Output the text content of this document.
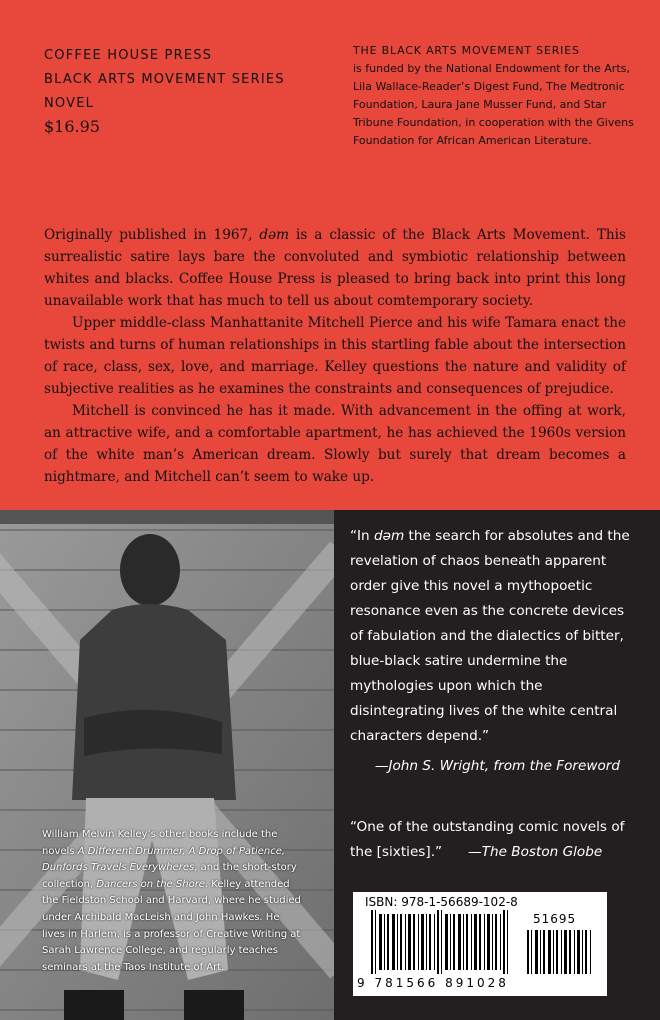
COFFEE HOUSE PRESS
BLACK ARTS MOVEMENT SERIES
NOVEL
$16.95
THE BLACK ARTS MOVEMENT SERIES
is funded by the National Endowment for the Arts, Lila Wallace-Reader’s Digest Fund, The Medtronic Foundation, Laura Jane Musser Fund, and Star Tribune Foundation, in cooperation with the Givens Foundation for African American Literature.

Originally published in 1967, dəm is a classic of the Black Arts Movement. This surrealistic satire lays bare the convoluted and symbiotic relationship between whites and blacks. Coffee House Press is pleased to bring back into print this long unavailable work that has much to tell us about comtemporary society.

Upper middle-class Manhattanite Mitchell Pierce and his wife Tamara enact the twists and turns of human relationships in this startling fable about the intersection of race, class, sex, love, and marriage. Kelley questions the nature and validity of subjective realities as he examines the constraints and consequences of prejudice.

Mitchell is convinced he has it made. With advancement in the offing at work, an attractive wife, and a comfortable apartment, he has achieved the 1960s version of the white man’s American dream. Slowly but surely that dream becomes a nightmare, and Mitchell can’t seem to wake up.

William Melvin Kelley’s other books include the novels A Different Drummer, A Drop of Patience, Dunfords Travels Everywheres, and the short-story collection, Dancers on the Shore. Kelley attended the Fieldston School and Harvard, where he studied under Archibald MacLeish and John Hawkes. He lives in Harlem, is a professor of Creative Writing at Sarah Lawrence College, and regularly teaches seminars at the Taos Institute of Art.
“In dəm the search for absolutes and the revelation of chaos beneath apparent order give this novel a mythopoetic resonance even as the concrete devices of fabulation and the dialectics of bitter, blue-black satire undermine the mythologies upon which the disintegrating lives of the white central characters depend.”
—John S. Wright, from the Foreword
“One of the outstanding comic novels of the [sixties].” —The Boston Globe
ISBN: 978-1-56689-102-8
51695
9 781566 891028
